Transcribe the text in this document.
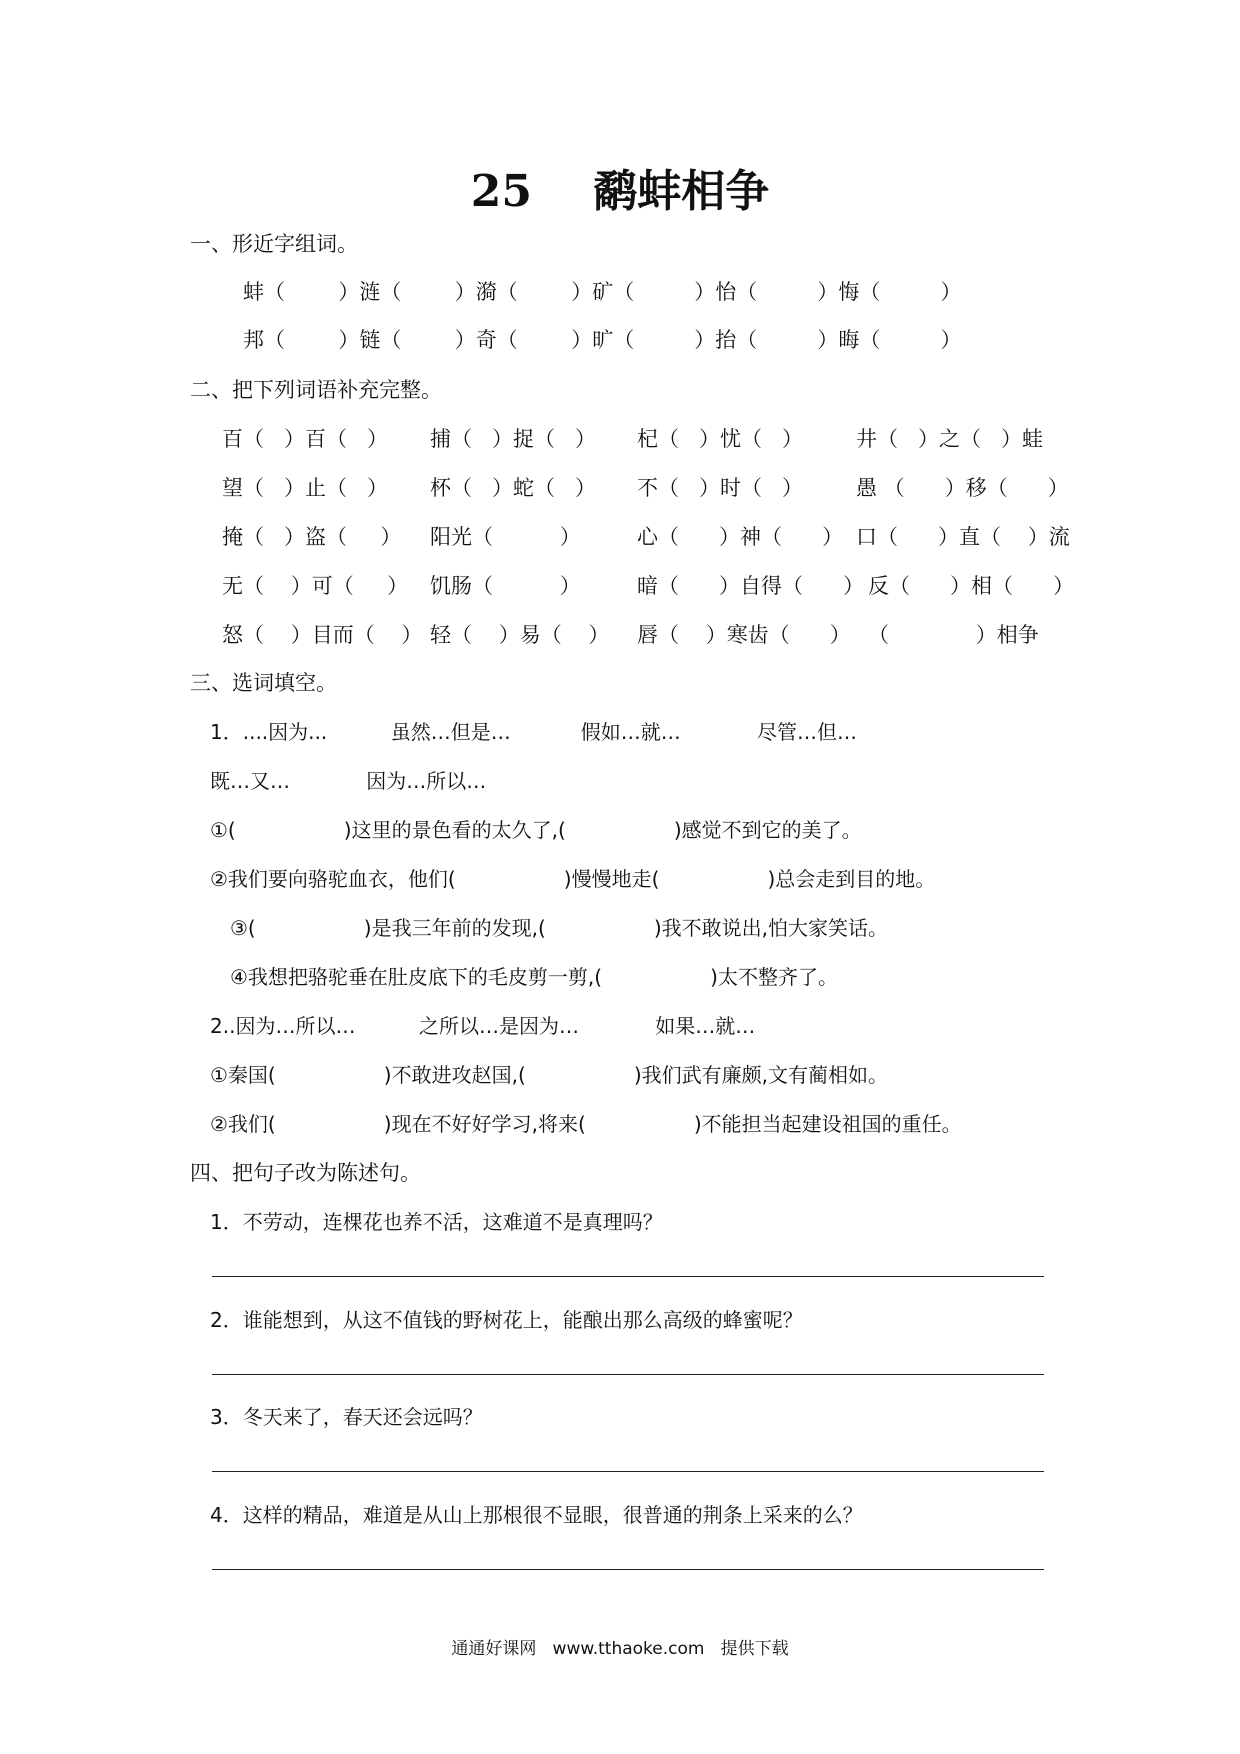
25    鹬蚌相争
一、形近字组词。
蚌（        ）涟（        ）漪（        ）矿（         ）怡（         ）悔（         ）
邦（        ）链（        ）奇（        ）旷（         ）抬（         ）晦（         ）
二、把下列词语补充完整。
百（   ）百（   ） 捕（   ）捉（   ） 杞（   ）忧（   ）	井（   ）之（   ）蛙
望（   ）止（   ） 杯（   ）蛇（   ） 不（   ）时（   ）	愚 （      ）移（      ）
掩（   ）盗（     ） 阳光（          ）	心（      ）神（      ） 口（      ）直（    ）流
无（    ）可（     ） 饥肠（          ）	暗（      ）自得（      ） 反（      ）相（      ）
怒（    ）目而（    ） 轻（    ）易（    ） 唇（    ）寒齿（      ） （             ）相争
三、选词填空。
1．....因为...          虽然…但是…           假如…就…            尽管…但…
既…又…            因为…所以…
①(                 )这里的景色看的太久了,(                 )感觉不到它的美了。
②我们要向骆驼血衣，他们(                 )慢慢地走(                 )总会走到目的地。
③(                 )是我三年前的发现,(                 )我不敢说出,怕大家笑话。
④我想把骆驼垂在肚皮底下的毛皮剪一剪,(                 )太不整齐了。
2..因为…所以…          之所以…是因为…            如果…就…
①秦国(                 )不敢进攻赵国,(                 )我们武有廉颇,文有蔺相如。
②我们(                 )现在不好好学习,将来(                 )不能担当起建设祖国的重任。
四、把句子改为陈述句。
1．不劳动，连棵花也养不活，这难道不是真理吗？
2．谁能想到，从这不值钱的野树花上，能酿出那么高级的蜂蜜呢？
3．冬天来了，春天还会远吗？
4．这样的精品，难道是从山上那根很不显眼，很普通的荆条上采来的么？
通通好课网   www.tthaoke.com   提供下载
